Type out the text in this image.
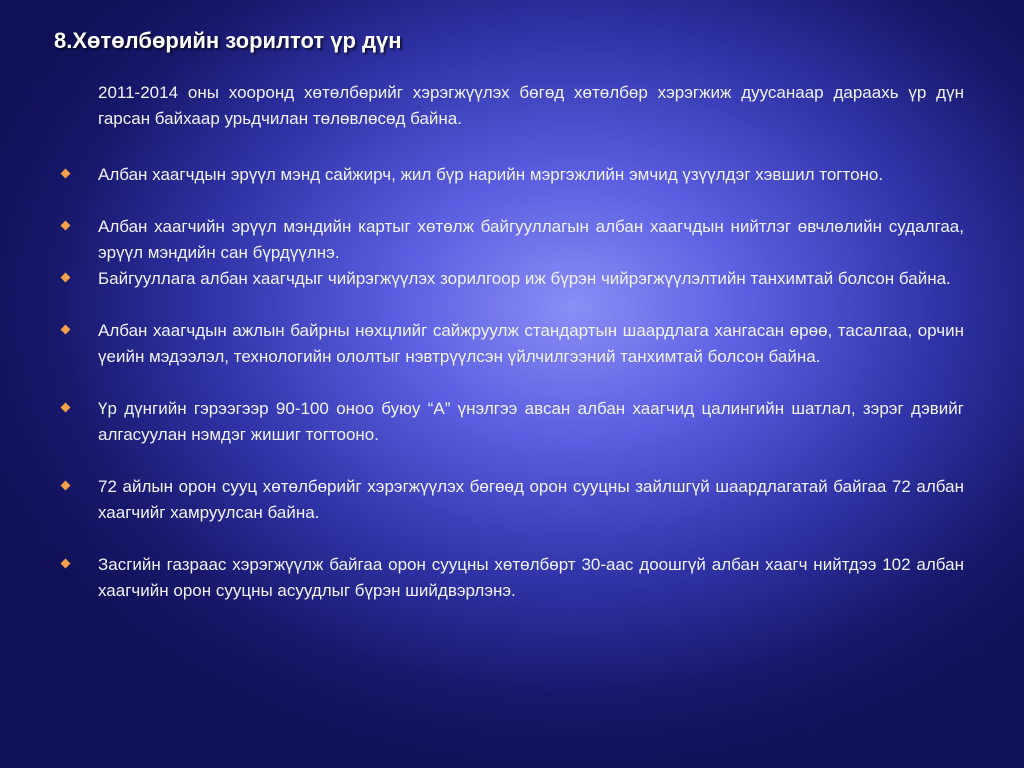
8.Хөтөлбөрийн зорилтот үр дүн

2011-2014 оны хооронд хөтөлбөрийг хэрэгжүүлэх бөгөд хөтөлбөр хэрэгжиж дуусанаар дараахь үр дүн гарсан байхаар урьдчилан төлөвлөсөд байна.

Албан хаагчдын эрүүл мэнд сайжирч, жил бүр нарийн мэргэжлийн эмчид үзүүлдэг хэвшил тогтоно.
Албан хаагчийн эрүүл мэндийн картыг хөтөлж байгууллагын албан хаагчдын нийтлэг өвчлөлийн судалгаа, эрүүл мэндийн сан бүрдүүлнэ.
Байгууллага албан хаагчдыг чийрэгжүүлэх зорилгоор иж бүрэн чийрэгжүүлэлтийн танхимтай болсон байна.
Албан хаагчдын ажлын байрны нөхцлийг сайжруулж стандартын шаардлага хангасан өрөө, тасалгаа, орчин үеийн мэдээлэл, технологийн ололтыг нэвтрүүлсэн үйлчилгээний танхимтай болсон байна.
Үр дүнгийн гэрээгээр 90-100 оноо буюу “А” үнэлгээ авсан албан хаагчид цалингийн шатлал, зэрэг дэвийг алгасуулан нэмдэг жишиг тогтооно.
72 айлын орон сууц хөтөлбөрийг хэрэгжүүлэх бөгөөд орон сууцны зайлшгүй шаардлагатай байгаа 72 албан хаагчийг хамруулсан байна.
Засгийн газраас хэрэгжүүлж байгаа орон сууцны хөтөлбөрт 30-аас доошгүй албан хаагч нийтдээ 102 албан хаагчийн орон сууцны асуудлыг бүрэн шийдвэрлэнэ.
